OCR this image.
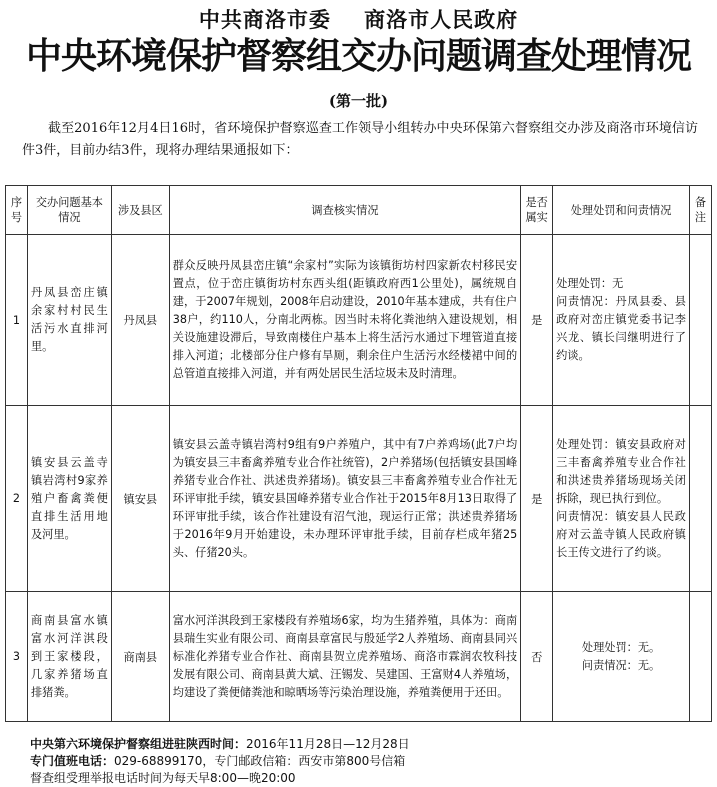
中共商洛市委    商洛市人民政府
中央环境保护督察组交办问题调查处理情况
(第一批)
截至2016年12月4日16时，省环境保护督察巡查工作领导小组转办中央环保第六督察组交办涉及商洛市环境信访件3件，目前办结3件，现将办理结果通报如下：
序号	交办问题基本情况	涉及县区	调查核实情况	是否属实	处理处罚和问责情况	备注
1	丹凤县峦庄镇余家村村民生活污水直排河里。	丹凤县	群众反映丹凤县峦庄镇“余家村”实际为该镇街坊村四家新农村移民安置点，位于峦庄镇街坊村东西头组(距镇政府西1公里处)，属统规自建，于2007年规划，2008年启动建设，2010年基本建成，共有住户38户，约110人，分南北两栋。因当时未将化粪池纳入建设规划，相关设施建设滞后，导致南楼住户基本上将生活污水通过下埋管道直接排入河道；北楼部分住户修有旱厕，剩余住户生活污水经楼裙中间的总管道直接排入河道，并有两处居民生活垃圾未及时清理。	是	处理处罚：无
问责情况：丹凤县委、县政府对峦庄镇党委书记李兴龙、镇长闫继明进行了约谈。	
2	镇安县云盖寺镇岩湾村9家养殖户畜禽粪便直排生活用地及河里。	镇安县	镇安县云盖寺镇岩湾村9组有9户养殖户，其中有7户养鸡场(此7户均为镇安县三丰畜禽养殖专业合作社统管)，2户养猪场(包括镇安县国峰养猪专业合作社、洪述贵养猪场)。镇安县三丰畜禽养殖专业合作社无环评审批手续，镇安县国峰养猪专业合作社于2015年8月13日取得了环评审批手续，该合作社建设有沼气池，现运行正常；洪述贵养猪场于2016年9月开始建设，未办理环评审批手续，目前存栏成年猪25头、仔猪20头。	是	处理处罚：镇安县政府对三丰畜禽养殖专业合作社和洪述贵养猪场现场关闭拆除，现已执行到位。
问责情况：镇安县人民政府对云盖寺镇人民政府镇长王传文进行了约谈。	
3	商南县富水镇富水河洋淇段到王家楼段，几家养猪场直排猪粪。	商南县	富水河洋淇段到王家楼段有养殖场6家，均为生猪养殖，具体为：商南县瑞生实业有限公司、商南县章富民与殷延学2人养殖场、商南县同兴标准化养猪专业合作社、商南县贺立虎养殖场、商洛市霖润农牧科技发展有限公司、商南县黄大斌、汪锡发、吴建国、王富财4人养殖场，均建设了粪便储粪池和晾晒场等污染治理设施，养殖粪便用于还田。	否	处理处罚：无。
问责情况：无。	
中央第六环境保护督察组进驻陕西时间：2016年11月28日—12月28日
专门值班电话：029-68899170，专门邮政信箱：西安市第800号信箱
督查组受理举报电话时间为每天早8:00—晚20:00
